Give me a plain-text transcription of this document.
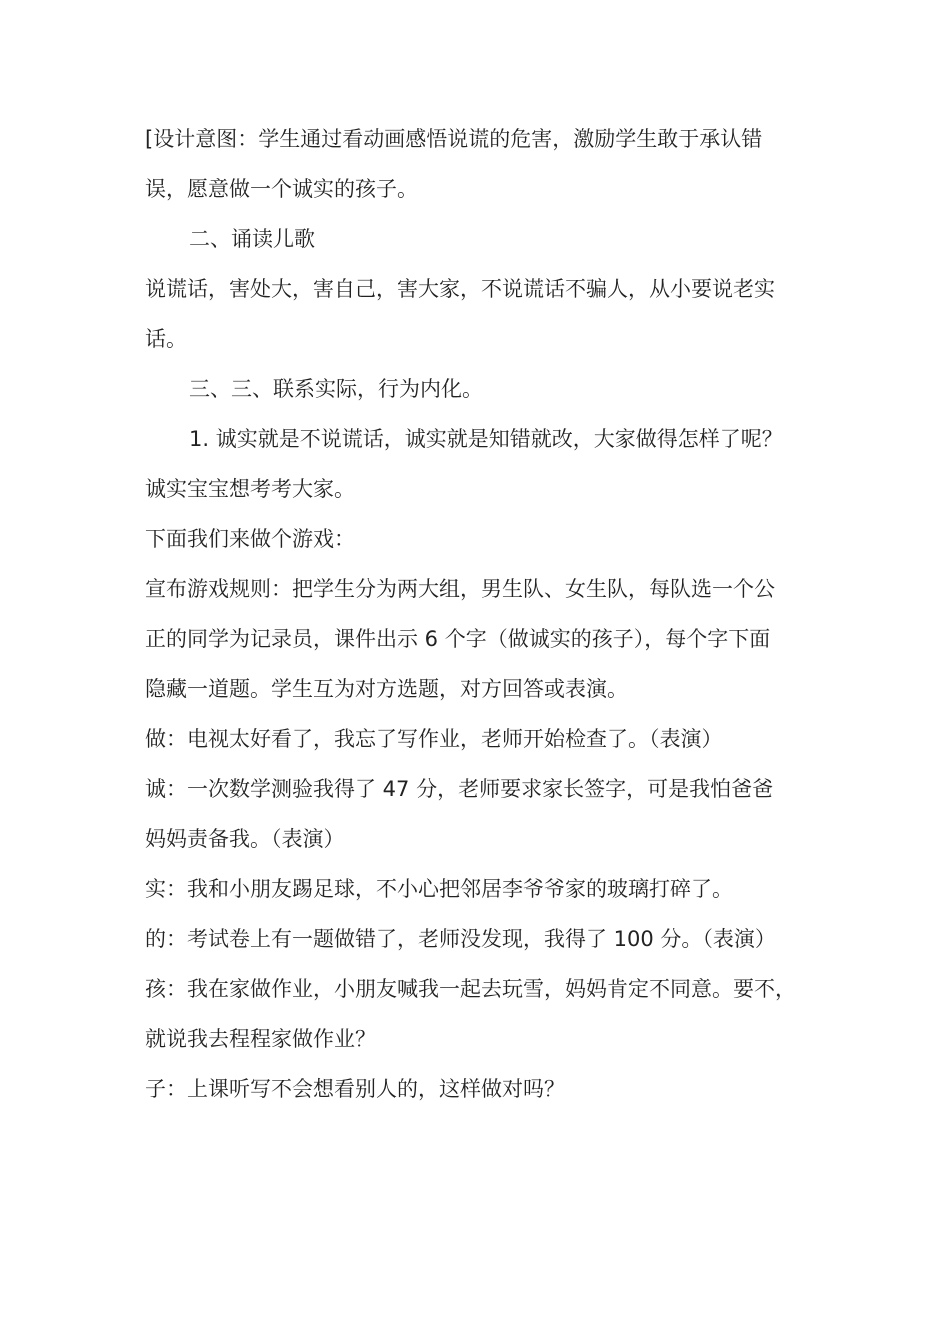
[设计意图：学生通过看动画感悟说谎的危害，激励学生敢于承认错
误，愿意做一个诚实的孩子。
二、诵读儿歌
说谎话，害处大，害自己，害大家，不说谎话不骗人，从小要说老实
话。
三、三、联系实际，行为内化。
1. 诚实就是不说谎话，诚实就是知错就改，大家做得怎样了呢？
诚实宝宝想考考大家。
下面我们来做个游戏：
宣布游戏规则：把学生分为两大组，男生队、女生队，每队选一个公
正的同学为记录员，课件出示 6 个字（做诚实的孩子），每个字下面
隐藏一道题。学生互为对方选题，对方回答或表演。
做：电视太好看了，我忘了写作业，老师开始检查了。（表演）
诚：一次数学测验我得了 47 分，老师要求家长签字，可是我怕爸爸
妈妈责备我。（表演）
实：我和小朋友踢足球，不小心把邻居李爷爷家的玻璃打碎了。
的：考试卷上有一题做错了，老师没发现，我得了 100 分。（表演）
孩：我在家做作业，小朋友喊我一起去玩雪，妈妈肯定不同意。要不，
就说我去程程家做作业？
子：上课听写不会想看别人的，这样做对吗？
